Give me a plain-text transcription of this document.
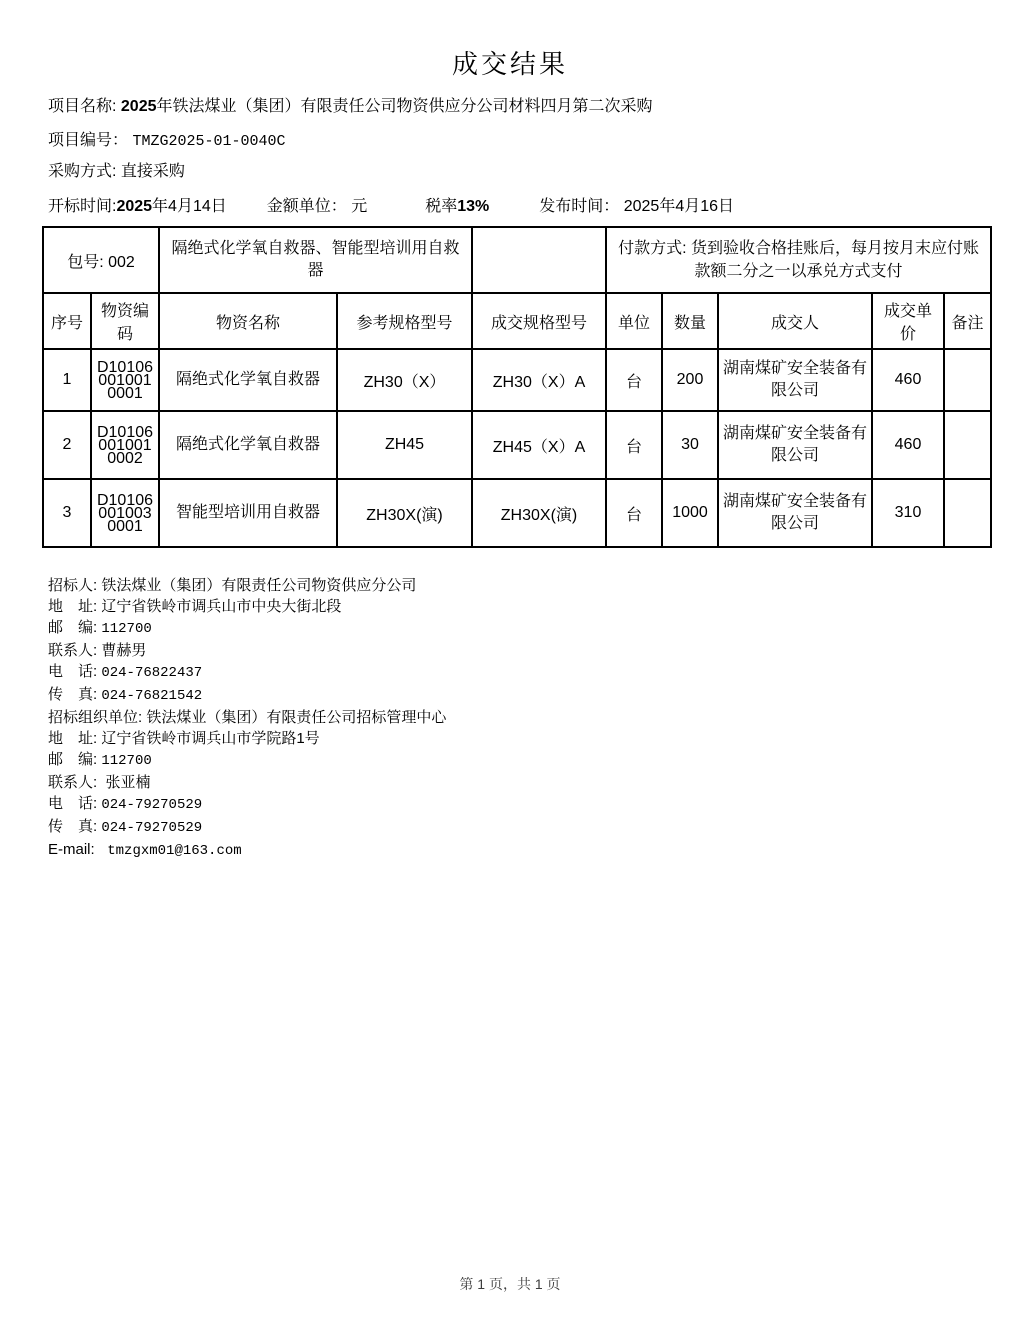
成交结果
项目名称: 2025年铁法煤业（集团）有限责任公司物资供应分公司材料四月第二次采购
项目编号： TMZG2025-01-0040C
采购方式: 直接采购
开标时间:2025年4月14日	金额单位： 元	税率13%	发布时间： 2025年4月16日
包号: 002		隔绝式化学氧自救器、智能型培训用自救器			付款方式: 货到验收合格挂账后，每月按月末应付账款额二分之一以承兑方式支付				
序号	物资编码	物资名称	参考规格型号	成交规格型号	单位	数量	成交人	成交单价	备注
1	D101060010010001	隔绝式化学氧自救器	ZH30（X）	ZH30（X）A	台	200	湖南煤矿安全装备有限公司	460	
2	D101060010010002	隔绝式化学氧自救器	ZH45	ZH45（X）A	台	30	湖南煤矿安全装备有限公司	460	
3	D101060010030001	智能型培训用自救器	ZH30X(演)	ZH30X(演)	台	1000	湖南煤矿安全装备有限公司	310	
招标人: 铁法煤业（集团）有限责任公司物资供应分公司
地　址: 辽宁省铁岭市调兵山市中央大街北段
邮　编: 112700
联系人: 曹赫男
电　话: 024-76822437
传　真: 024-76821542
招标组织单位: 铁法煤业（集团）有限责任公司招标管理中心
地　址: 辽宁省铁岭市调兵山市学院路1号
邮　编: 112700
联系人:  张亚楠
电　话: 024-79270529
传　真: 024-79270529
E-mail:  tmzgxm01@163.com
第 1 页，共 1 页
